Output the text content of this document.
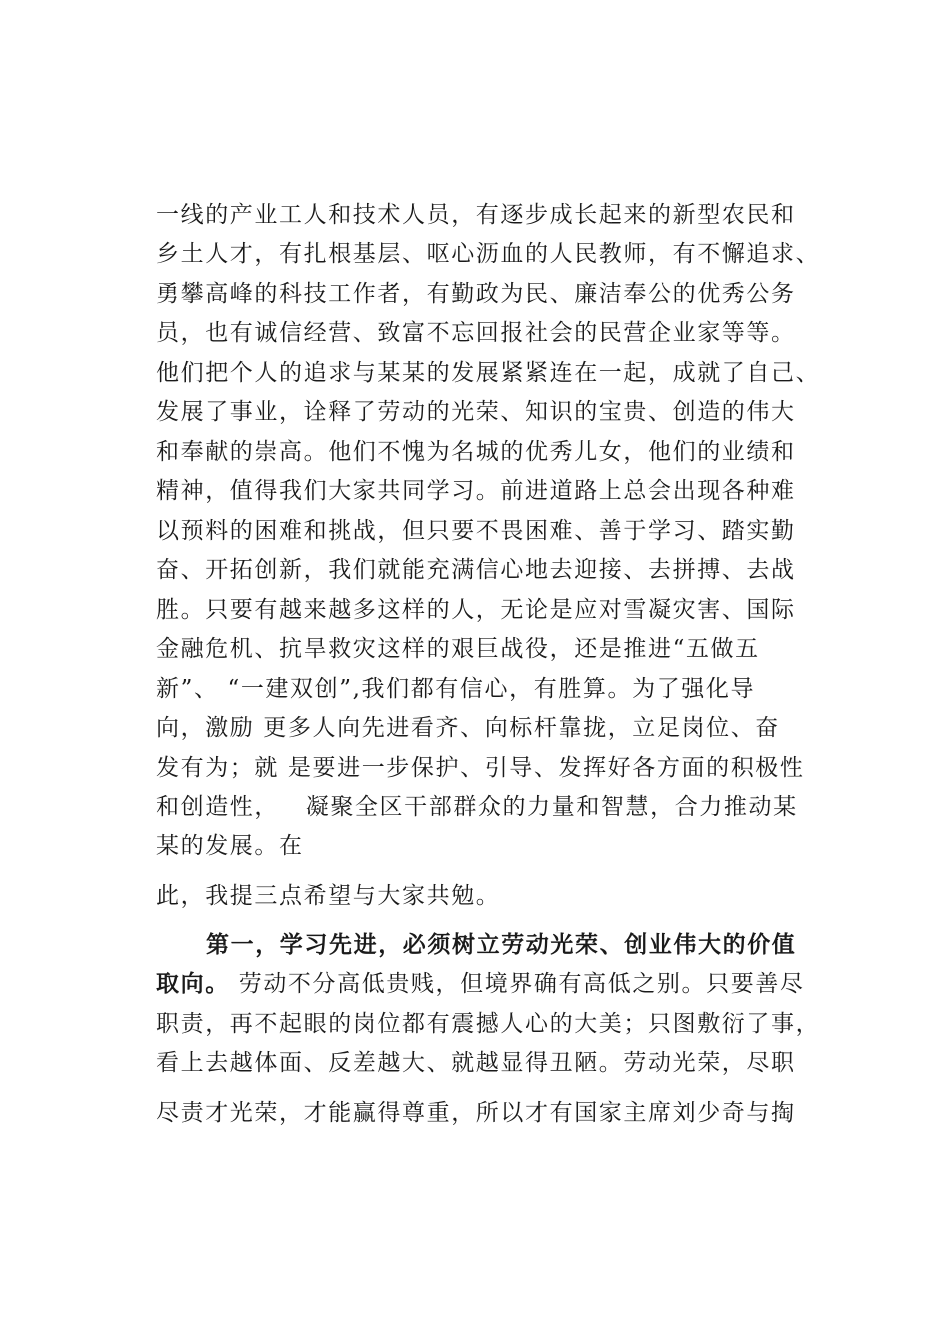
一线的产业工人和技术人员，有逐步成长起来的新型农民和
乡土人才，有扎根基层、呕心沥血的人民教师，有不懈追求、
勇攀高峰的科技工作者，有勤政为民、廉洁奉公的优秀公务
员，也有诚信经营、致富不忘回报社会的民营企业家等等。
他们把个人的追求与某某的发展紧紧连在一起，成就了自己、
发展了事业，诠释了劳动的光荣、知识的宝贵、创造的伟大
和奉献的崇高。他们不愧为名城的优秀儿女，他们的业绩和
精神，值得我们大家共同学习。前进道路上总会出现各种难
以预料的困难和挑战，但只要不畏困难、善于学习、踏实勤
奋、开拓创新，我们就能充满信心地去迎接、去拼搏、去战
胜。只要有越来越多这样的人，无论是应对雪凝灾害、国际
金融危机、抗旱救灾这样的艰巨战役，还是推进“五做五
新”、 “一建双创”,我们都有信心，有胜算。为了强化导
向，激励 更多人向先进看齐、向标杆靠拢，立足岗位、奋
发有为；就 是要进一步保护、引导、发挥好各方面的积极性
和创造性，   凝聚全区干部群众的力量和智慧，合力推动某
某的发展。在
此，我提三点希望与大家共勉。
第一，学习先进，必须树立劳动光荣、创业伟大的价值
取向。 劳动不分高低贵贱，但境界确有高低之别。只要善尽
职责，再不起眼的岗位都有震撼人心的大美；只图敷衍了事，
看上去越体面、反差越大、就越显得丑陋。劳动光荣，尽职
尽责才光荣，才能赢得尊重，所以才有国家主席刘少奇与掏
